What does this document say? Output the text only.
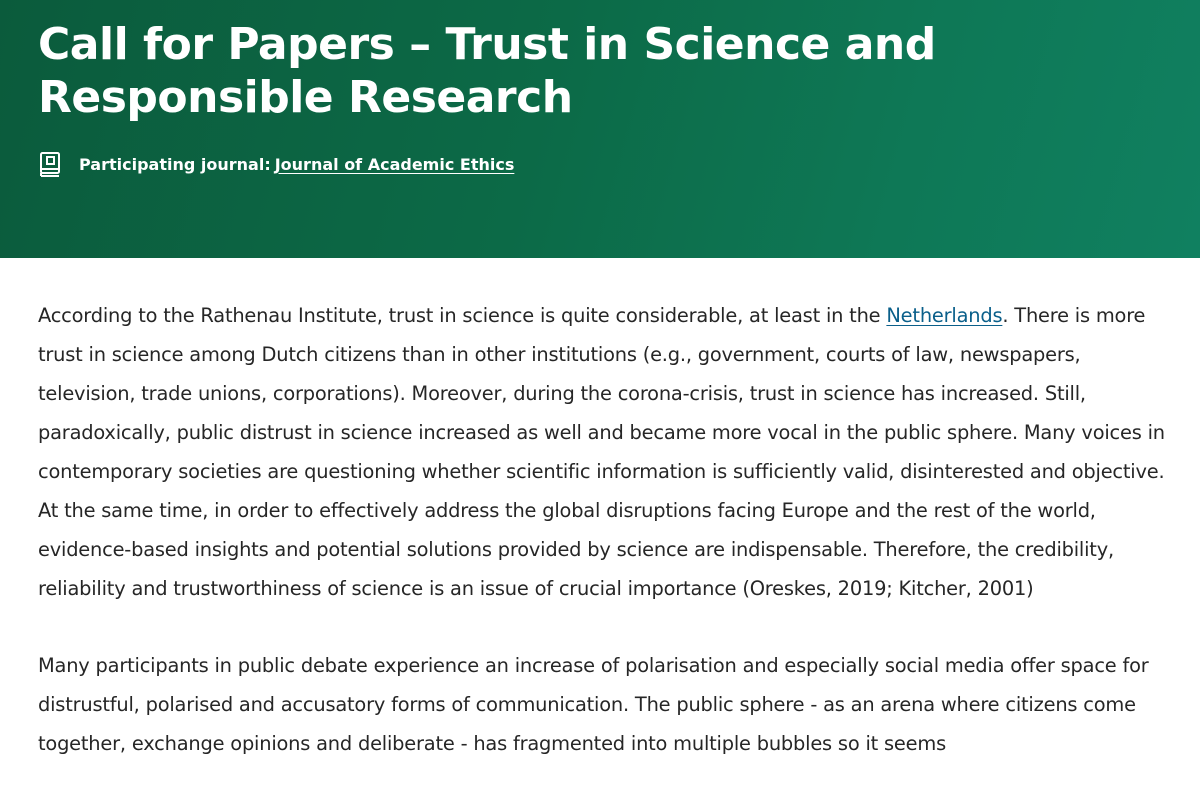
Call for Papers – Trust in Science and Responsible Research
Participating journal: Journal of Academic Ethics

According to the Rathenau Institute, trust in science is quite considerable, at least in the Netherlands. There is more trust in science among Dutch citizens than in other institutions (e.g., government, courts of law, newspapers, television, trade unions, corporations). Moreover, during the corona-crisis, trust in science has increased. Still, paradoxically, public distrust in science increased as well and became more vocal in the public sphere. Many voices in contemporary societies are questioning whether scientific information is sufficiently valid, disinterested and objective. At the same time, in order to effectively address the global disruptions facing Europe and the rest of the world, evidence-based insights and potential solutions provided by science are indispensable. Therefore, the credibility, reliability and trustworthiness of science is an issue of crucial importance (Oreskes, 2019; Kitcher, 2001)

Many participants in public debate experience an increase of polarisation and especially social media offer space for distrustful, polarised and accusatory forms of communication. The public sphere - as an arena where citizens come together, exchange opinions and deliberate - has fragmented into multiple bubbles so it seems
